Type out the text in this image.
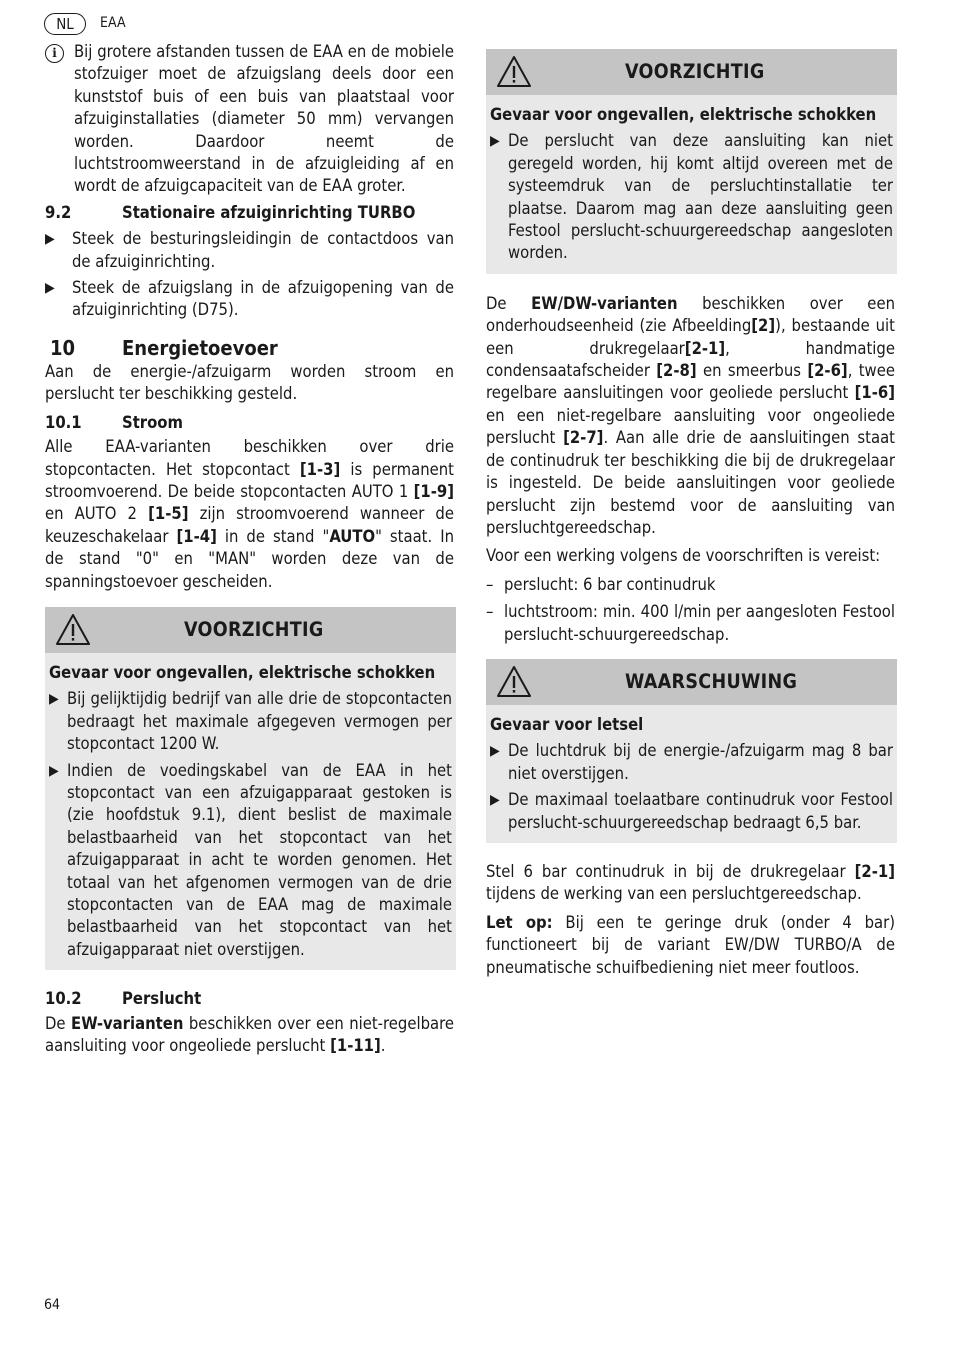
NL	EAA
i	Bij grotere afstanden tussen de EAA en de mobiele stofzuiger moet de afzuigslang deels door een kunststof buis of een buis van plaatstaal voor afzuiginstallaties (diameter 50 mm) vervangen worden. Daardoor neemt de luchtstroomweerstand in de afzuigleiding af en wordt de afzuigcapaciteit van de EAA groter.

9.2	Stationaire afzuiginrichting TURBO
▶	Steek de besturingsleidingin de contactdoos van de afzuiginrichting.

▶	Steek de afzuigslang in de afzuigopening van de afzuiginrichting (D75).

10	Energietoevoer

Aan de energie-/afzuigarm worden stroom en perslucht ter beschikking gesteld.

10.1	Stroom

Alle EAA-varianten beschikken over drie stopcontacten. Het stopcontact [1-3] is permanent stroomvoerend. De beide stopcontacten AUTO 1 [1-9] en AUTO 2 [1-5] zijn stroomvoerend wanneer de keuzeschakelaar [1-4] in de stand "AUTO" staat. In de stand "0" en "MAN" worden deze van de spanningstoevoer gescheiden.

VOORZICHTIG

Gevaar voor ongevallen, elektrische schokken

▶ Bij gelijktijdig bedrijf van alle drie de stopcontacten bedraagt het maximale afgegeven vermogen per stopcontact 1200 W.

▶ Indien de voedingskabel van de EAA in het stopcontact van een afzuigapparaat gestoken is (zie hoofdstuk 9.1), dient beslist de maximale belastbaarheid van het stopcontact van het afzuigapparaat in acht te worden genomen. Het totaal van het afgenomen vermogen van de drie stopcontacten van de EAA mag de maximale belastbaarheid van het stopcontact van het afzuigapparaat niet overstijgen.

10.2	Perslucht

De EW-varianten beschikken over een niet-regelbare aansluiting voor ongeoliede perslucht [1-11].

VOORZICHTIG

Gevaar voor ongevallen, elektrische schokken

▶ De perslucht van deze aansluiting kan niet geregeld worden, hij komt altijd overeen met de systeemdruk van de persluchtinstallatie ter plaatse. Daarom mag aan deze aansluiting geen Festool perslucht-schuurgereedschap aangesloten worden.

De EW/DW-varianten beschikken over een onderhoudseenheid (zie Afbeelding[2]), bestaande uit een drukregelaar[2-1], handmatige condensaatafscheider [2-8] en smeerbus [2-6], twee regelbare aansluitingen voor geoliede perslucht [1-6] en een niet-regelbare aansluiting voor ongeoliede perslucht [2-7]. Aan alle drie de aansluitingen staat de continudruk ter beschikking die bij de drukregelaar is ingesteld. De beide aansluitingen voor geoliede perslucht zijn bestemd voor de aansluiting van persluchtgereedschap.

Voor een werking volgens de voorschriften is vereist:

– perslucht: 6 bar continudruk

– luchtstroom: min. 400 l/min per aangesloten Festool perslucht-schuurgereedschap.

WAARSCHUWING

Gevaar voor letsel

▶ De luchtdruk bij de energie-/afzuigarm mag 8 bar niet overstijgen.

▶ De maximaal toelaatbare continudruk voor Festool perslucht-schuurgereedschap bedraagt 6,5 bar.

Stel 6 bar continudruk in bij de drukregelaar [2-1] tijdens de werking van een persluchtgereedschap.

Let op: Bij een te geringe druk (onder 4 bar) functioneert bij de variant EW/DW TURBO/A de pneumatische schuifbediening niet meer foutloos.

64
